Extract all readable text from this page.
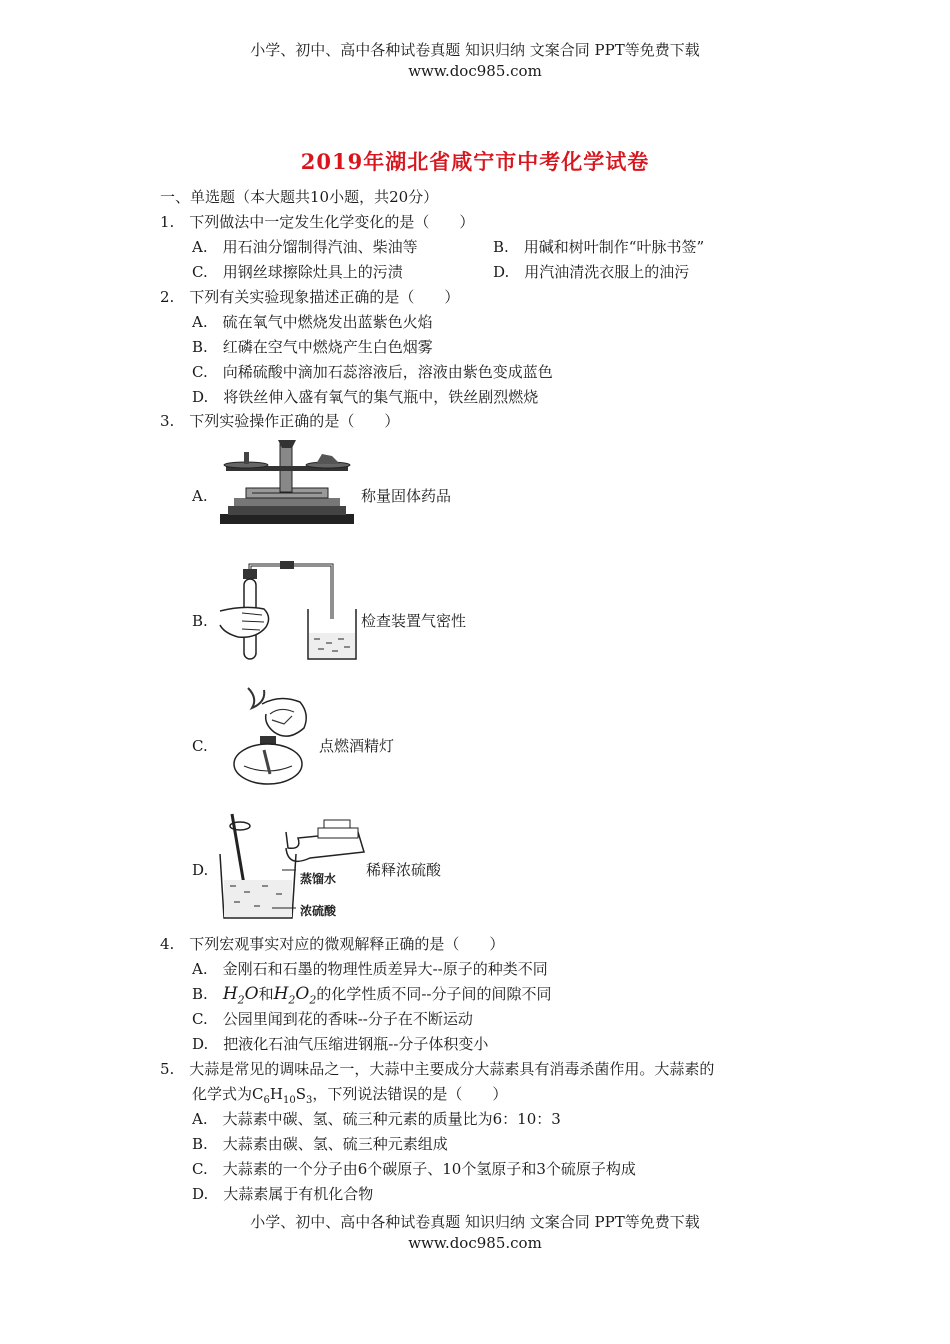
小学、初中、高中各种试卷真题 知识归纳 文案合同 PPT等免费下载
www.doc985.com
2019年湖北省咸宁市中考化学试卷
一、单选题（本大题共10小题，共20分）
1.　下列做法中一定发生化学变化的是（　　）
A.　用石油分馏制得汽油、柴油等	B.　用碱和树叶制作“叶脉书签”
C.　用钢丝球擦除灶具上的污渍	D.　用汽油清洗衣服上的油污
2.　下列有关实验现象描述正确的是（　　）
A.　硫在氧气中燃烧发出蓝紫色火焰
B.　红磷在空气中燃烧产生白色烟雾
C.　向稀硫酸中滴加石蕊溶液后，溶液由紫色变成蓝色
D.　将铁丝伸入盛有氧气的集气瓶中，铁丝剧烈燃烧
3.　下列实验操作正确的是（　　）
A.	称量固体药品
B.	检查装置气密性
C.	点燃酒精灯
D.	蒸馏水
浓硫酸
稀释浓硫酸
4.　下列宏观事实对应的微观解释正确的是（　　）
A.　金刚石和石墨的物理性质差异大--原子的种类不同
B.　 $H_2O$和$H_2O_2$的化学性质不同--分子间的间隙不同
C.　公园里闻到花的香味--分子在不断运动
D.　把液化石油气压缩进钢瓶--分子体积变小
5.　大蒜是常见的调味品之一，大蒜中主要成分大蒜素具有消毒杀菌作用。大蒜素的
化学式为$C_6H_{10}S_3$，下列说法错误的是（　　）
A.　大蒜素中碳、氢、硫三种元素的质量比为6：10：3
B.　大蒜素由碳、氢、硫三种元素组成
C.　大蒜素的一个分子由6个碳原子、10个氢原子和3个硫原子构成
D.　大蒜素属于有机化合物
小学、初中、高中各种试卷真题 知识归纳 文案合同 PPT等免费下载
www.doc985.com
